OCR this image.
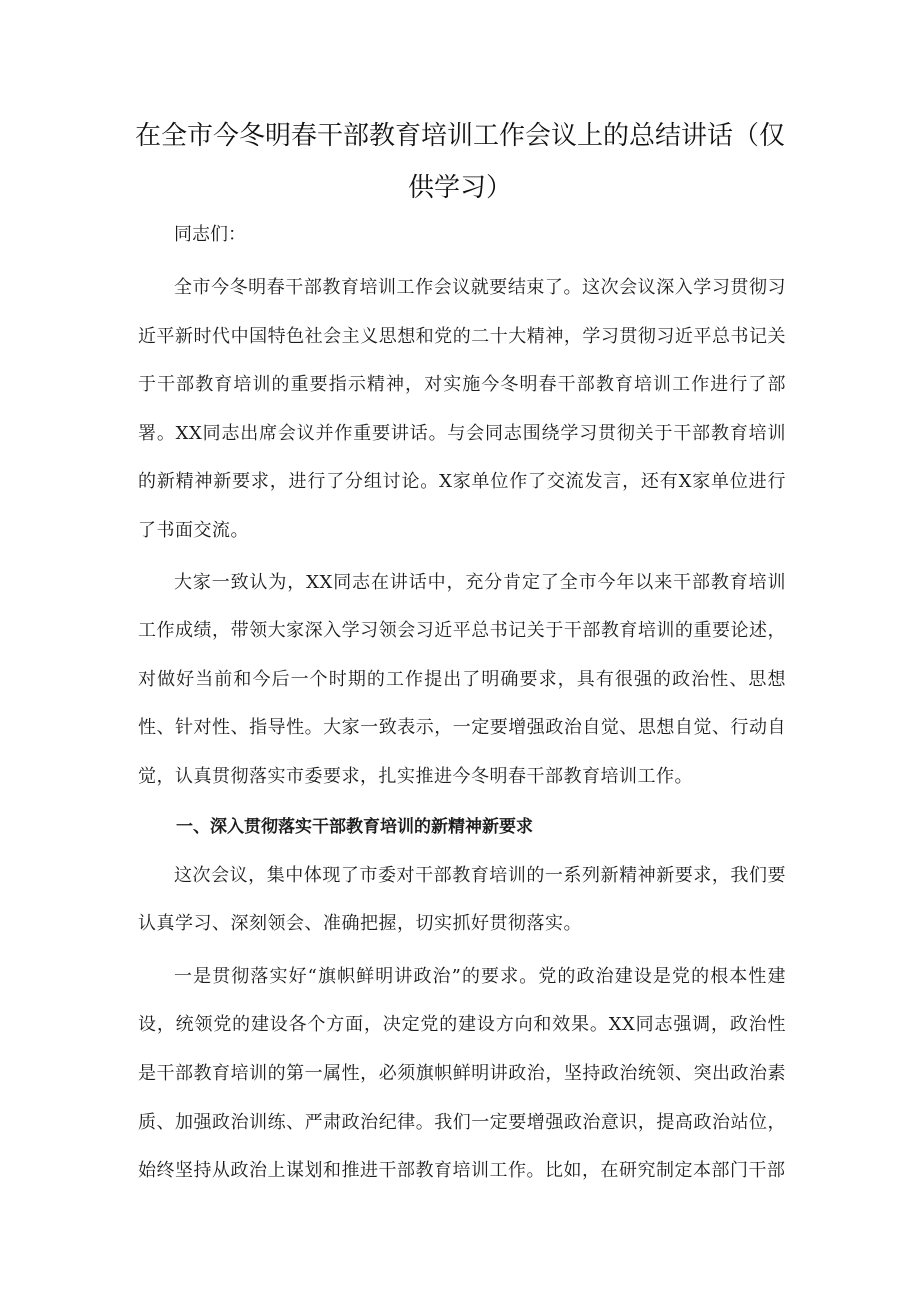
在全市今冬明春干部教育培训工作会议上的总结讲话（仅供学习）

同志们：

全市今冬明春干部教育培训工作会议就要结束了。这次会议深入学习贯彻习近平新时代中国特色社会主义思想和党的二十大精神，学习贯彻习近平总书记关于干部教育培训的重要指示精神，对实施今冬明春干部教育培训工作进行了部署。XX同志出席会议并作重要讲话。与会同志围绕学习贯彻关于干部教育培训的新精神新要求，进行了分组讨论。X家单位作了交流发言，还有X家单位进行了书面交流。

大家一致认为，XX同志在讲话中，充分肯定了全市今年以来干部教育培训工作成绩，带领大家深入学习领会习近平总书记关于干部教育培训的重要论述，对做好当前和今后一个时期的工作提出了明确要求，具有很强的政治性、思想性、针对性、指导性。大家一致表示，一定要增强政治自觉、思想自觉、行动自觉，认真贯彻落实市委要求，扎实推进今冬明春干部教育培训工作。

一、深入贯彻落实干部教育培训的新精神新要求

这次会议，集中体现了市委对干部教育培训的一系列新精神新要求，我们要认真学习、深刻领会、准确把握，切实抓好贯彻落实。

一是贯彻落实好“旗帜鲜明讲政治”的要求。党的政治建设是党的根本性建设，统领党的建设各个方面，决定党的建设方向和效果。XX同志强调，政治性是干部教育培训的第一属性，必须旗帜鲜明讲政治，坚持政治统领、突出政治素质、加强政治训练、严肃政治纪律。我们一定要增强政治意识，提高政治站位，始终坚持从政治上谋划和推进干部教育培训工作。比如，在研究制定本部门干部
